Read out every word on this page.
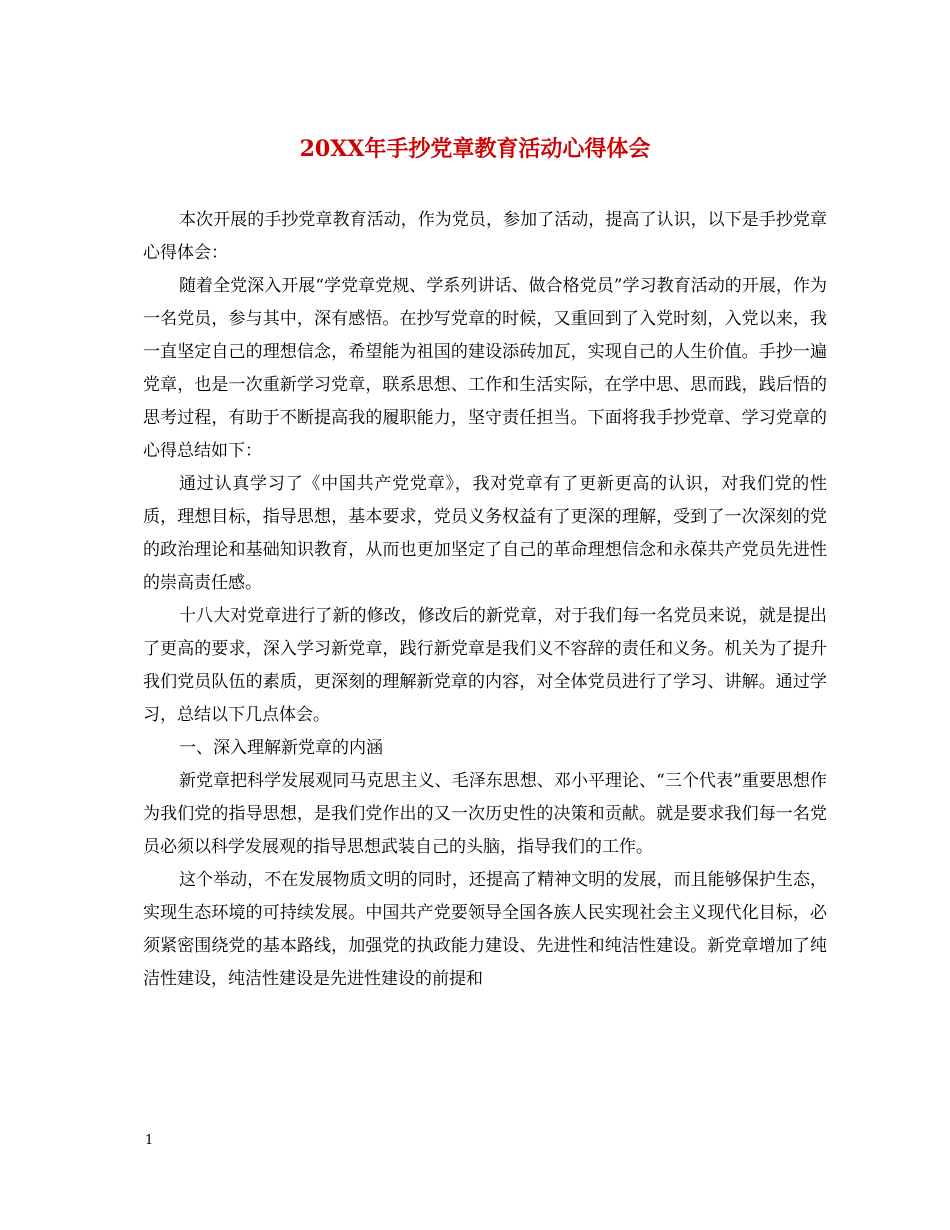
20XX年手抄党章教育活动心得体会

本次开展的手抄党章教育活动，作为党员，参加了活动，提高了认识，以下是手抄党章心得体会：

随着全党深入开展“学党章党规、学系列讲话、做合格党员”学习教育活动的开展，作为一名党员，参与其中，深有感悟。在抄写党章的时候，又重回到了入党时刻，入党以来，我一直坚定自己的理想信念，希望能为祖国的建设添砖加瓦，实现自己的人生价值。手抄一遍党章，也是一次重新学习党章，联系思想、工作和生活实际，在学中思、思而践，践后悟的思考过程，有助于不断提高我的履职能力，坚守责任担当。下面将我手抄党章、学习党章的心得总结如下：

通过认真学习了《中国共产党党章》，我对党章有了更新更高的认识，对我们党的性质，理想目标，指导思想，基本要求，党员义务权益有了更深的理解，受到了一次深刻的党的政治理论和基础知识教育，从而也更加坚定了自己的革命理想信念和永葆共产党员先进性的崇高责任感。

十八大对党章进行了新的修改，修改后的新党章，对于我们每一名党员来说，就是提出了更高的要求，深入学习新党章，践行新党章是我们义不容辞的责任和义务。机关为了提升我们党员队伍的素质，更深刻的理解新党章的内容，对全体党员进行了学习、讲解。通过学习，总结以下几点体会。

一、深入理解新党章的内涵

新党章把科学发展观同马克思主义、毛泽东思想、邓小平理论、“三个代表”重要思想作为我们党的指导思想，是我们党作出的又一次历史性的决策和贡献。就是要求我们每一名党员必须以科学发展观的指导思想武装自己的头脑，指导我们的工作。

这个举动，不在发展物质文明的同时，还提高了精神文明的发展，而且能够保护生态，实现生态环境的可持续发展。中国共产党要领导全国各族人民实现社会主义现代化目标，必须紧密围绕党的基本路线，加强党的执政能力建设、先进性和纯洁性建设。新党章增加了纯洁性建设，纯洁性建设是先进性建设的前提和

1
